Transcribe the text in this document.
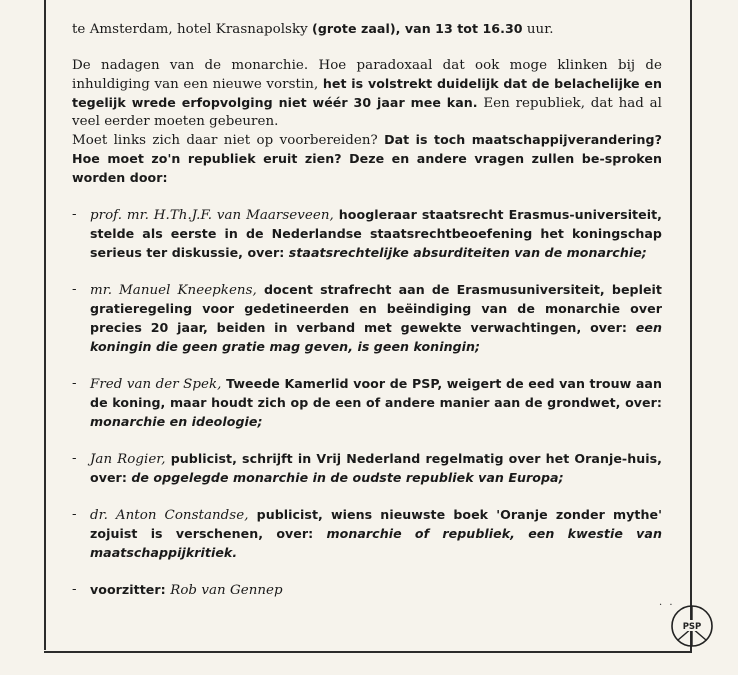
te Amsterdam, hotel Krasnapolsky (grote zaal), van 13 tot 16.30 uur.

De nadagen van de monarchie. Hoe paradoxaal dat ook moge klinken bij de inhuldiging van een nieuwe vorstin, het is volstrekt duidelijk dat de belachelijke en tegelijk wrede erfopvolging niet wéér 30 jaar mee kan. Een republiek, dat had al veel eerder moeten gebeuren.
Moet links zich daar niet op voorbereiden? Dat is toch maatschappijverandering? Hoe moet zo'n republiek eruit zien? Deze en andere vragen zullen be-sproken worden door:

- prof. mr. H.Th.J.F. van Maarseveen, hoogleraar staatsrecht Erasmus-universiteit, stelde als eerste in de Nederlandse staatsrechtbeoefening het koningschap serieus ter diskussie, over: staatsrechtelijke absurditeiten van de monarchie;

- mr. Manuel Kneepkens, docent strafrecht aan de Erasmusuniversiteit, bepleit gratieregeling voor gedetineerden en beëindiging van de monarchie over precies 20 jaar, beiden in verband met gewekte verwachtingen, over: een koningin die geen gratie mag geven, is geen koningin;

- Fred van der Spek, Tweede Kamerlid voor de PSP, weigert de eed van trouw aan de koning, maar houdt zich op de een of andere manier aan de grondwet, over: monarchie en ideologie;

- Jan Rogier, publicist, schrijft in Vrij Nederland regelmatig over het Oranje-huis, over: de opgelegde monarchie in de oudste republiek van Europa;

- dr. Anton Constandse, publicist, wiens nieuwste boek 'Oranje zonder mythe' zojuist is verschenen, over: monarchie of republiek, een kwestie van maatschappijkritiek.

- voorzitter: Rob van Gennep

· ·
PSP
